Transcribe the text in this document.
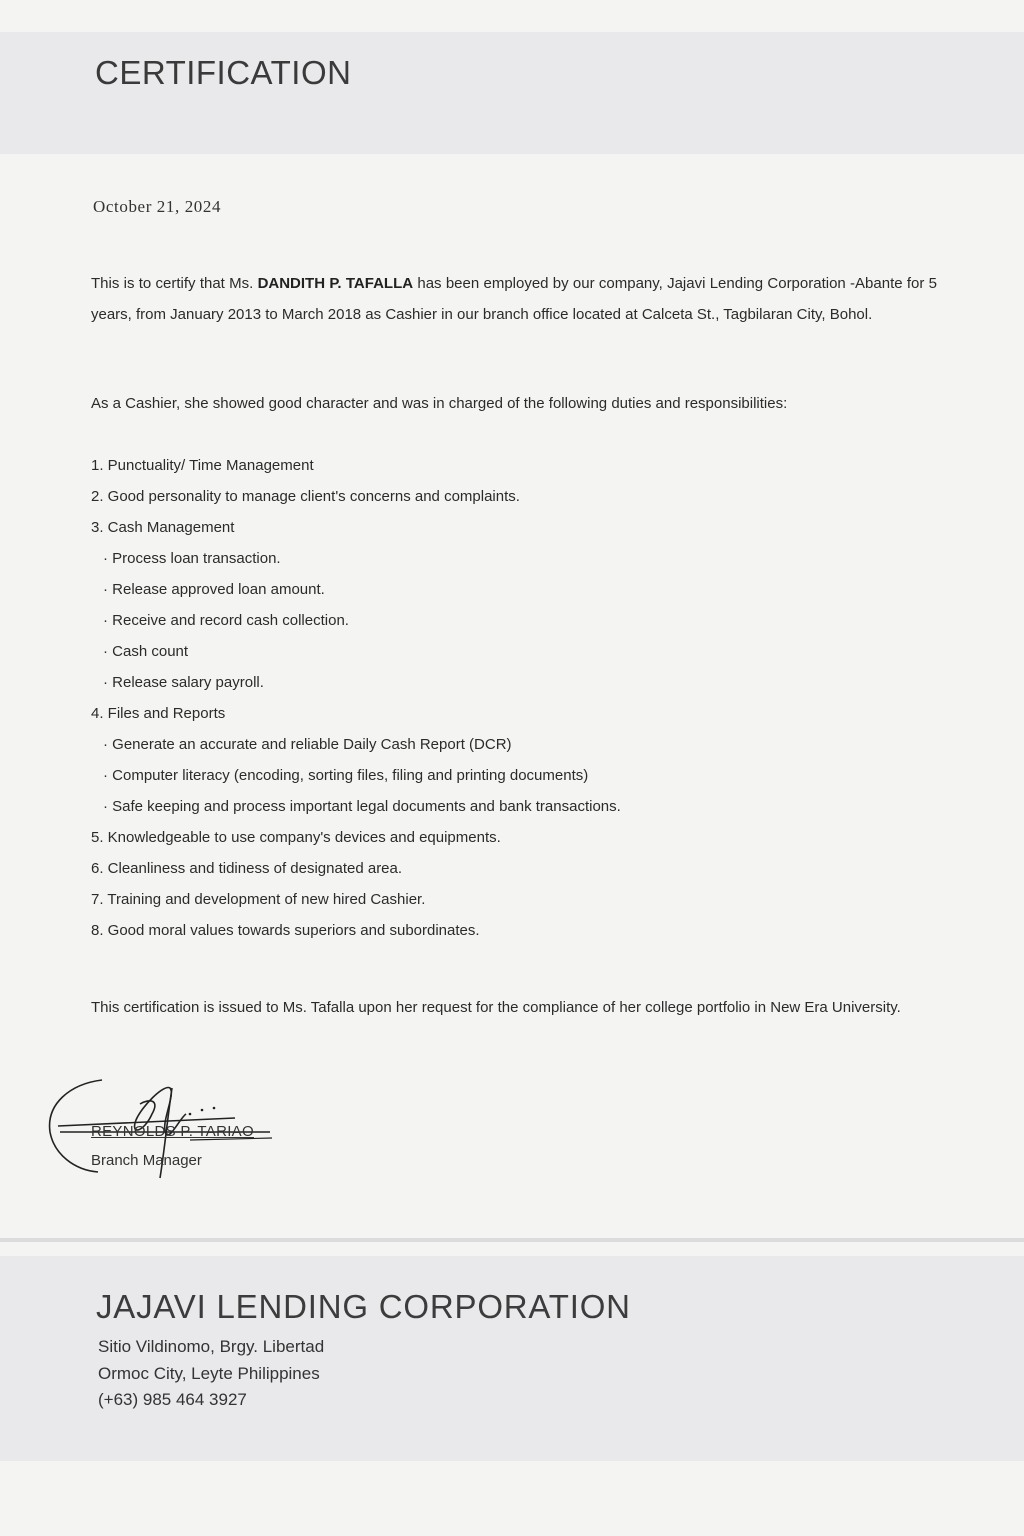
CERTIFICATION
October 21, 2024
This is to certify that Ms. DANDITH P. TAFALLA has been employed by our company, Jajavi Lending Corporation -Abante for 5 years, from January 2013 to March 2018 as Cashier in our branch office located at Calceta St., Tagbilaran City, Bohol.
As a Cashier, she showed good character and was in charged of the following duties and responsibilities:
1. Punctuality/ Time Management
2. Good personality to manage client's concerns and complaints.
3. Cash Management
· Process loan transaction.
· Release approved loan amount.
· Receive and record cash collection.
· Cash count
· Release salary payroll.
4. Files and Reports
· Generate an accurate and reliable Daily Cash Report (DCR)
· Computer literacy (encoding, sorting files, filing and printing documents)
· Safe keeping and process important legal documents and bank transactions.
5. Knowledgeable to use company's devices and equipments.
6. Cleanliness and tidiness of designated area.
7. Training and development of new hired Cashier.
8. Good moral values towards superiors and subordinates.
This certification is issued to Ms. Tafalla upon her request for the compliance of her college portfolio in New Era University.
REYNOLDS P. TARIAO
Branch Manager
JAJAVI LENDING CORPORATION
Sitio Vildinomo, Brgy. Libertad
Ormoc City, Leyte Philippines
(+63) 985 464 3927
